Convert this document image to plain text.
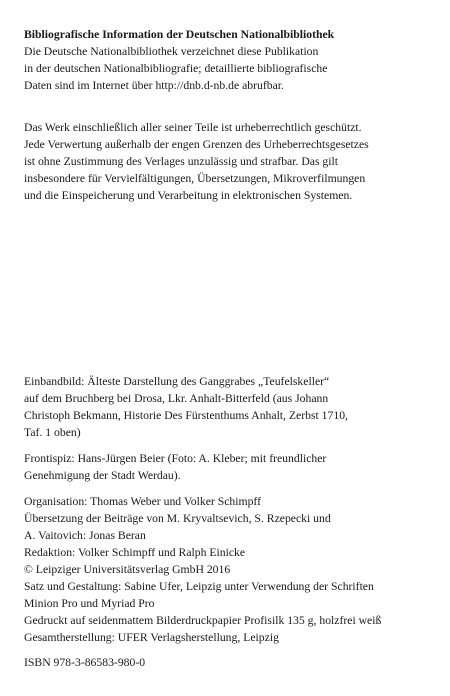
Bibliografische Information der Deutschen Nationalbibliothek

Die Deutsche Nationalbibliothek verzeichnet diese Publikation

in der deutschen Nationalbibliografie; detaillierte bibliografische

Daten sind im Internet über http://dnb.d-nb.de abrufbar.

Das Werk einschließlich aller seiner Teile ist urheberrechtlich geschützt.

Jede Verwertung außerhalb der engen Grenzen des Urheberrechtsgesetzes

ist ohne Zustimmung des Verlages unzulässig und strafbar. Das gilt

insbesondere für Vervielfältigungen, Übersetzungen, Mikroverfilmungen

und die Einspeicherung und Verarbeitung in elektronischen Systemen.

Einbandbild: Älteste Darstellung des Ganggrabes „Teufelskeller“

auf dem Bruchberg bei Drosa, Lkr. Anhalt-Bitterfeld (aus Johann

Christoph Bekmann, Historie Des Fürstenthums Anhalt, Zerbst 1710,

Taf. 1 oben)

Frontispiz: Hans-Jürgen Beier (Foto: A. Kleber; mit freundlicher

Genehmigung der Stadt Werdau).

Organisation: Thomas Weber und Volker Schimpff

Übersetzung der Beiträge von M. Kryvaltsevich, S. Rzepecki und

A. Vaitovich: Jonas Beran

Redaktion: Volker Schimpff und Ralph Einicke

© Leipziger Universitätsverlag GmbH 2016

Satz und Gestaltung: Sabine Ufer, Leipzig unter Verwendung der Schriften

Minion Pro und Myriad Pro

Gedruckt auf seidenmattem Bilderdruckpapier Profisilk 135 g, holzfrei weiß

Gesamtherstellung: UFER Verlagsherstellung, Leipzig

ISBN 978-3-86583-980-0
